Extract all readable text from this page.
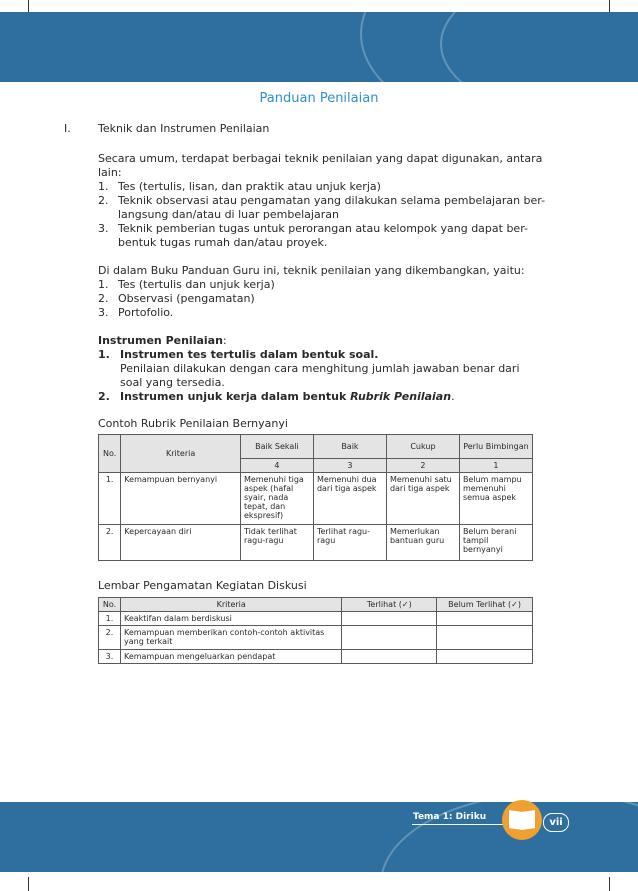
Panduan Penilaian
I. Teknik dan Instrumen Penilaian
Secara umum, terdapat berbagai teknik penilaian yang dapat digunakan, antara
lain:
1. Tes (tertulis, lisan, dan praktik atau unjuk kerja)
2. Teknik observasi atau pengamatan yang dilakukan selama pembelajaran ber-
langsung dan/atau di luar pembelajaran
3. Teknik pemberian tugas untuk perorangan atau kelompok yang dapat ber-
bentuk tugas rumah dan/atau proyek.
Di dalam Buku Panduan Guru ini, teknik penilaian yang dikembangkan, yaitu:
1. Tes (tertulis dan unjuk kerja)
2. Observasi (pengamatan)
3. Portofolio.
Instrumen Penilaian:
1. Instrumen tes tertulis dalam bentuk soal.
Penilaian dilakukan dengan cara menghitung jumlah jawaban benar dari
soal yang tersedia.
2. Instrumen unjuk kerja dalam bentuk Rubrik Penilaian.
Contoh Rubrik Penilaian Bernyanyi
No.	Kriteria	Baik Sekali	Baik	Cukup	Perlu Bimbingan
		4	3	2	1
1.	Kemampuan bernyanyi	Memenuhi tiga aspek (hafal syair, nada tepat, dan ekspresif)	Memenuhi dua dari tiga aspek	Memenuhi satu dari tiga aspek	Belum mampu memenuhi semua aspek
2.	Kepercayaan diri	Tidak terlihat ragu-ragu	Terlihat ragu-ragu	Memerlukan bantuan guru	Belum berani tampil bernyanyi
Lembar Pengamatan Kegiatan Diskusi
No.	Kriteria	Terlihat (✓)	Belum Terlihat (✓)
1.	Keaktifan dalam berdiskusi		
2.	Kemampuan memberikan contoh-contoh aktivitas yang terkait		
3.	Kemampuan mengeluarkan pendapat		
Tema 1: Diriku	vii
